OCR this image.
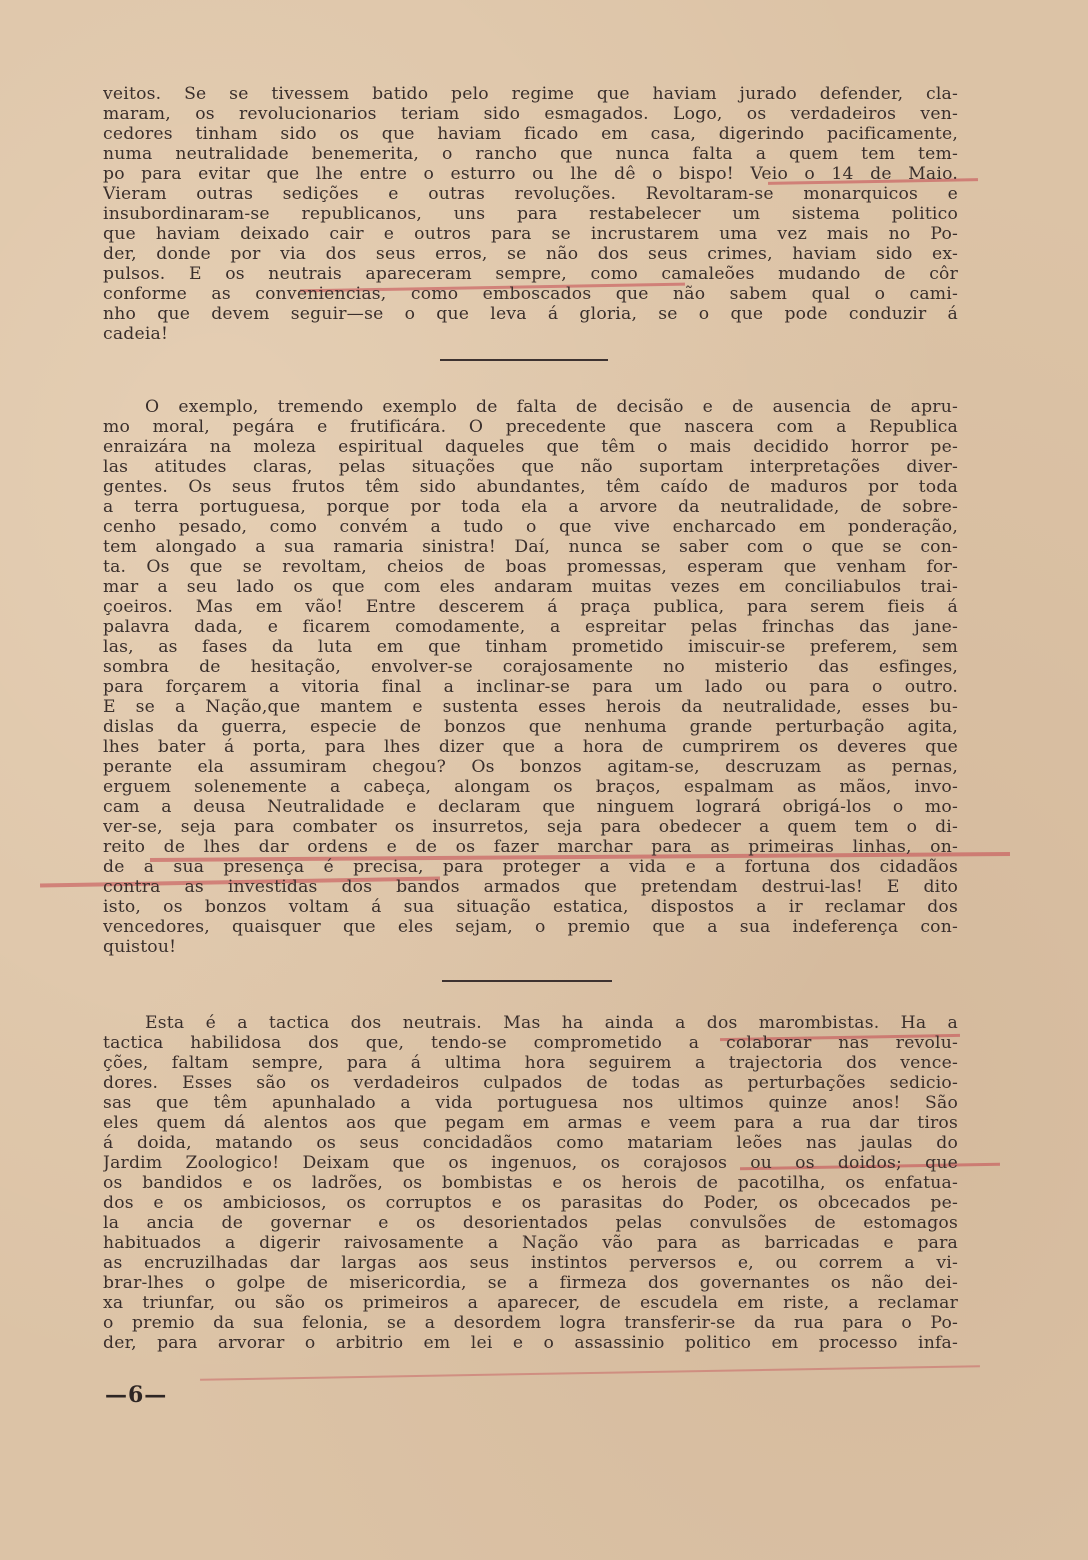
veitos. Se se tivessem batido pelo regime que haviam jurado defender, cla-
maram, os revolucionarios teriam sido esmagados. Logo, os verdadeiros ven-
cedores tinham sido os que haviam ficado em casa, digerindo pacificamente,
numa neutralidade benemerita, o rancho que nunca falta a quem tem tem-
po para evitar que lhe entre o esturro ou lhe dê o bispo! Veio o 14 de Maio.
Vieram outras sedições e outras revoluções. Revoltaram-se monarquicos e
insubordinaram-se republicanos, uns para restabelecer um sistema politico
que haviam deixado cair e outros para se incrustarem uma vez mais no Po-
der, donde por via dos seus erros, se não dos seus crimes, haviam sido ex-
pulsos. E os neutrais apareceram sempre, como camaleões mudando de côr
conforme as conveniencias, como emboscados que não sabem qual o cami-
nho que devem seguir—se o que leva á gloria, se o que pode conduzir á
cadeia!
O exemplo, tremendo exemplo de falta de decisão e de ausencia de apru-
mo moral, pegára e frutificára. O precedente que nascera com a Republica
enraizára na moleza espiritual daqueles que têm o mais decidido horror pe-
las atitudes claras, pelas situações que não suportam interpretações diver-
gentes. Os seus frutos têm sido abundantes, têm caído de maduros por toda
a terra portuguesa, porque por toda ela a arvore da neutralidade, de sobre-
cenho pesado, como convém a tudo o que vive encharcado em ponderação,
tem alongado a sua ramaria sinistra! Daí, nunca se saber com o que se con-
ta. Os que se revoltam, cheios de boas promessas, esperam que venham for-
mar a seu lado os que com eles andaram muitas vezes em conciliabulos trai-
çoeiros. Mas em vão! Entre descerem á praça publica, para serem fieis á
palavra dada, e ficarem comodamente, a espreitar pelas frinchas das jane-
las, as fases da luta em que tinham prometido imiscuir-se preferem, sem
sombra de hesitação, envolver-se corajosamente no misterio das esfinges,
para forçarem a vitoria final a inclinar-se para um lado ou para o outro.
E se a Nação,que mantem e sustenta esses herois da neutralidade, esses bu-
dislas da guerra, especie de bonzos que nenhuma grande perturbação agita,
lhes bater á porta, para lhes dizer que a hora de cumprirem os deveres que
perante ela assumiram chegou? Os bonzos agitam-se, descruzam as pernas,
erguem solenemente a cabeça, alongam os braços, espalmam as mãos, invo-
cam a deusa Neutralidade e declaram que ninguem logrará obrigá-los o mo-
ver-se, seja para combater os insurretos, seja para obedecer a quem tem o di-
reito de lhes dar ordens e de os fazer marchar para as primeiras linhas, on-
de a sua presença é precisa, para proteger a vida e a fortuna dos cidadãos
contra as investidas dos bandos armados que pretendam destrui-las! E dito
isto, os bonzos voltam á sua situação estatica, dispostos a ir reclamar dos
vencedores, quaisquer que eles sejam, o premio que a sua indeferença con-
quistou!
Esta é a tactica dos neutrais. Mas ha ainda a dos marombistas. Ha a
tactica habilidosa dos que, tendo-se comprometido a colaborar nas revolu-
ções, faltam sempre, para á ultima hora seguirem a trajectoria dos vence-
dores. Esses são os verdadeiros culpados de todas as perturbações sedicio-
sas que têm apunhalado a vida portuguesa nos ultimos quinze anos! São
eles quem dá alentos aos que pegam em armas e veem para a rua dar tiros
á doida, matando os seus concidadãos como matariam leões nas jaulas do
Jardim Zoologico! Deixam que os ingenuos, os corajosos ou os doidos; que
os bandidos e os ladrões, os bombistas e os herois de pacotilha, os enfatua-
dos e os ambiciosos, os corruptos e os parasitas do Poder, os obcecados pe-
la ancia de governar e os desorientados pelas convulsões de estomagos
habituados a digerir raivosamente a Nação vão para as barricadas e para
as encruzilhadas dar largas aos seus instintos perversos e, ou correm a vi-
brar-lhes o golpe de misericordia, se a firmeza dos governantes os não dei-
xa triunfar, ou são os primeiros a aparecer, de escudela em riste, a reclamar
o premio da sua felonia, se a desordem logra transferir-se da rua para o Po-
der, para arvorar o arbitrio em lei e o assassinio politico em processo infa-
—6—
